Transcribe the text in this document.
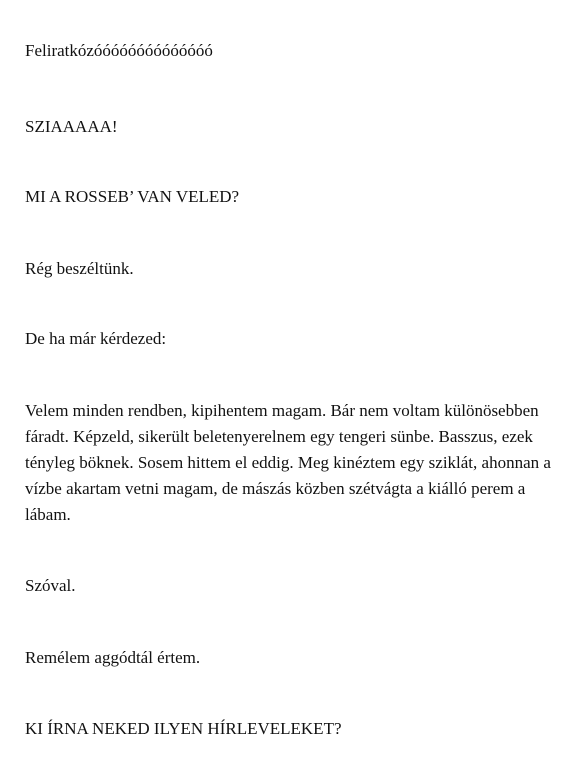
Feliratkózóóóóóóóóóóóóóó

SZIAAAAA!

MI A ROSSEB’ VAN VELED?

Rég beszéltünk.

De ha már kérdezed:

Velem minden rendben, kipihentem magam. Bár nem voltam különösebben fáradt. Képzeld, sikerült beletenyerelnem egy tengeri sünbe. Basszus, ezek tényleg böknek. Sosem hittem el eddig. Meg kinéztem egy sziklát, ahonnan a vízbe akartam vetni magam, de mászás közben szétvágta a kiálló perem a lábam.

Szóval.

Remélem aggódtál értem.

KI ÍRNA NEKED ILYEN HÍRLEVELEKET?
